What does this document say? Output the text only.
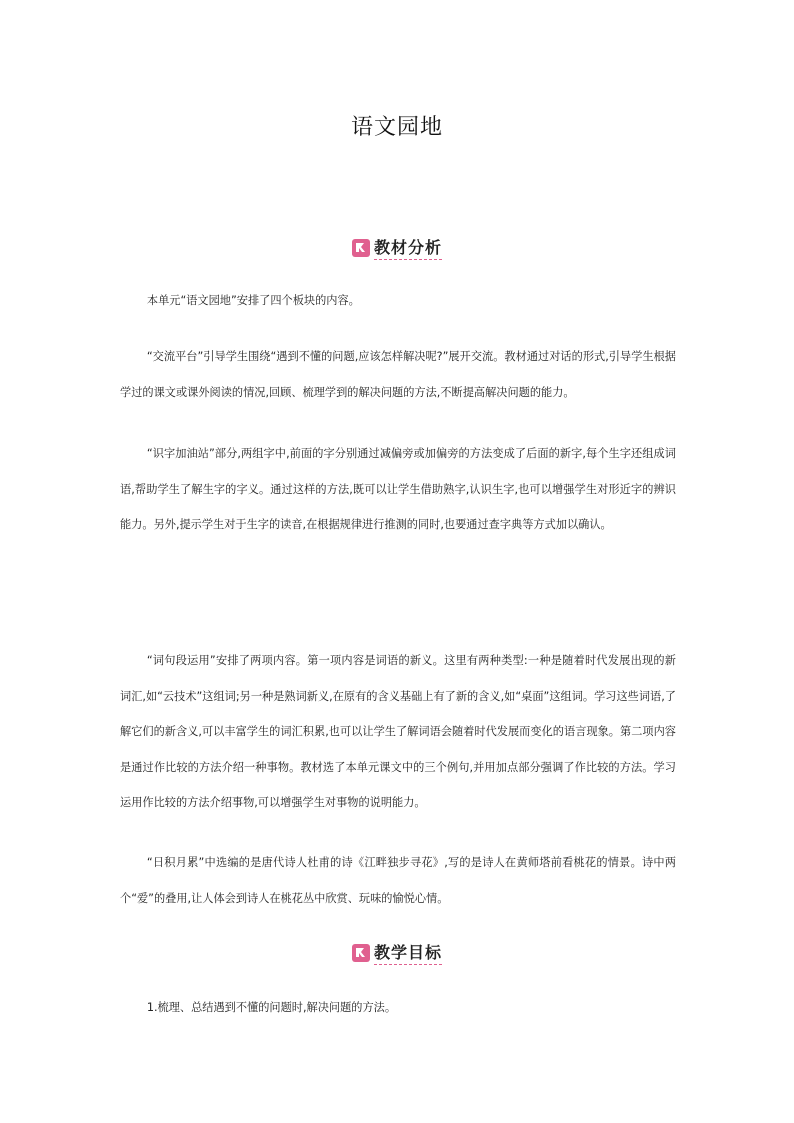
语文园地
教材分析

本单元“语文园地”安排了四个板块的内容。

“交流平台”引导学生围绕“遇到不懂的问题,应该怎样解决呢?”展开交流。教材通过对话的形式,引导学生根据学过的课文或课外阅读的情况,回顾、梳理学到的解决问题的方法,不断提高解决问题的能力。

“识字加油站”部分,两组字中,前面的字分别通过减偏旁或加偏旁的方法变成了后面的新字,每个生字还组成词语,帮助学生了解生字的字义。通过这样的方法,既可以让学生借助熟字,认识生字,也可以增强学生对形近字的辨识能力。另外,提示学生对于生字的读音,在根据规律进行推测的同时,也要通过查字典等方式加以确认。

“词句段运用”安排了两项内容。第一项内容是词语的新义。这里有两种类型:一种是随着时代发展出现的新词汇,如“云技术”这组词;另一种是熟词新义,在原有的含义基础上有了新的含义,如“桌面”这组词。学习这些词语,了解它们的新含义,可以丰富学生的词汇积累,也可以让学生了解词语会随着时代发展而变化的语言现象。第二项内容是通过作比较的方法介绍一种事物。教材选了本单元课文中的三个例句,并用加点部分强调了作比较的方法。学习运用作比较的方法介绍事物,可以增强学生对事物的说明能力。

“日积月累”中选编的是唐代诗人杜甫的诗《江畔独步寻花》,写的是诗人在黄师塔前看桃花的情景。诗中两个“爱”的叠用,让人体会到诗人在桃花丛中欣赏、玩味的愉悦心情。

教学目标

1.梳理、总结遇到不懂的问题时,解决问题的方法。
